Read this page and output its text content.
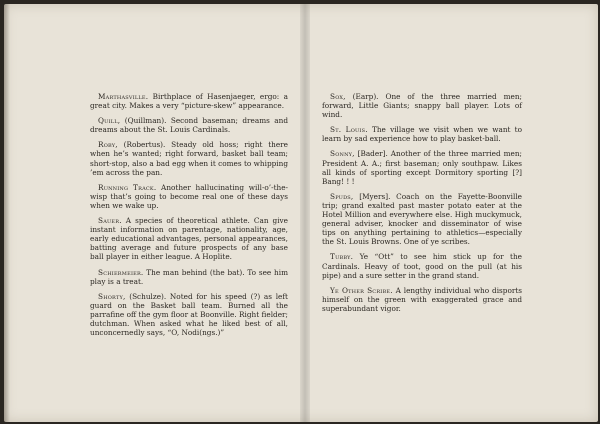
Marthasville. Birthplace of Hasenjaeger, ergo: a great city. Makes a very “picture-skew” appearance.

Quill, (Quillman). Second baseman; dreams and dreams about the St. Louis Cardinals.

Roby, (Robertus). Steady old hoss; right there when he’s wanted; right forward, basket ball team; short-stop, also a bad egg when it comes to whipping ’em across the pan.

Running Track. Another hallucinating will-o’-the-wisp that’s going to become real one of these days when we wake up.

Sauer. A species of theoretical athlete. Can give instant information on parentage, nationality, age, early educational advantages, personal appearances, batting average and future prospects of any base ball player in either league. A Hoplite.

Schiermeier. The man behind (the bat). To see him play is a treat.

Shorty, (Schulze). Noted for his speed (?) as left guard on the Basket ball team. Burned all the parrafine off the gym floor at Boonville. Right fielder; dutchman. When asked what he liked best of all, unconcernedly says, “O, Nodi(ngs.)”

Sox, (Earp). One of the three married men; forward, Little Giants; snappy ball player. Lots of wind.

St. Louis. The village we visit when we want to learn by sad experience how to play basket-ball.

Sonny, [Bader]. Another of the three married men; President A. A.; first baseman; only southpaw. Likes all kinds of sporting except Dormitory sporting [?] Bang! ! !

Spuds, [Myers]. Coach on the Fayette-Boonville trip; grand exalted past master potato eater at the Hotel Million and everywhere else. High muckymuck, general adviser, knocker and disseminator of wise tips on anything pertaining to athletics—especially the St. Louis Browns. One of ye scribes.

Tubby. Ye “Ott” to see him stick up for the Cardinals. Heavy of toot, good on the pull (at his pipe) and a sure setter in the grand stand.

Ye Other Scribe. A lengthy individual who disports himself on the green with exaggerated grace and superabundant vigor.
